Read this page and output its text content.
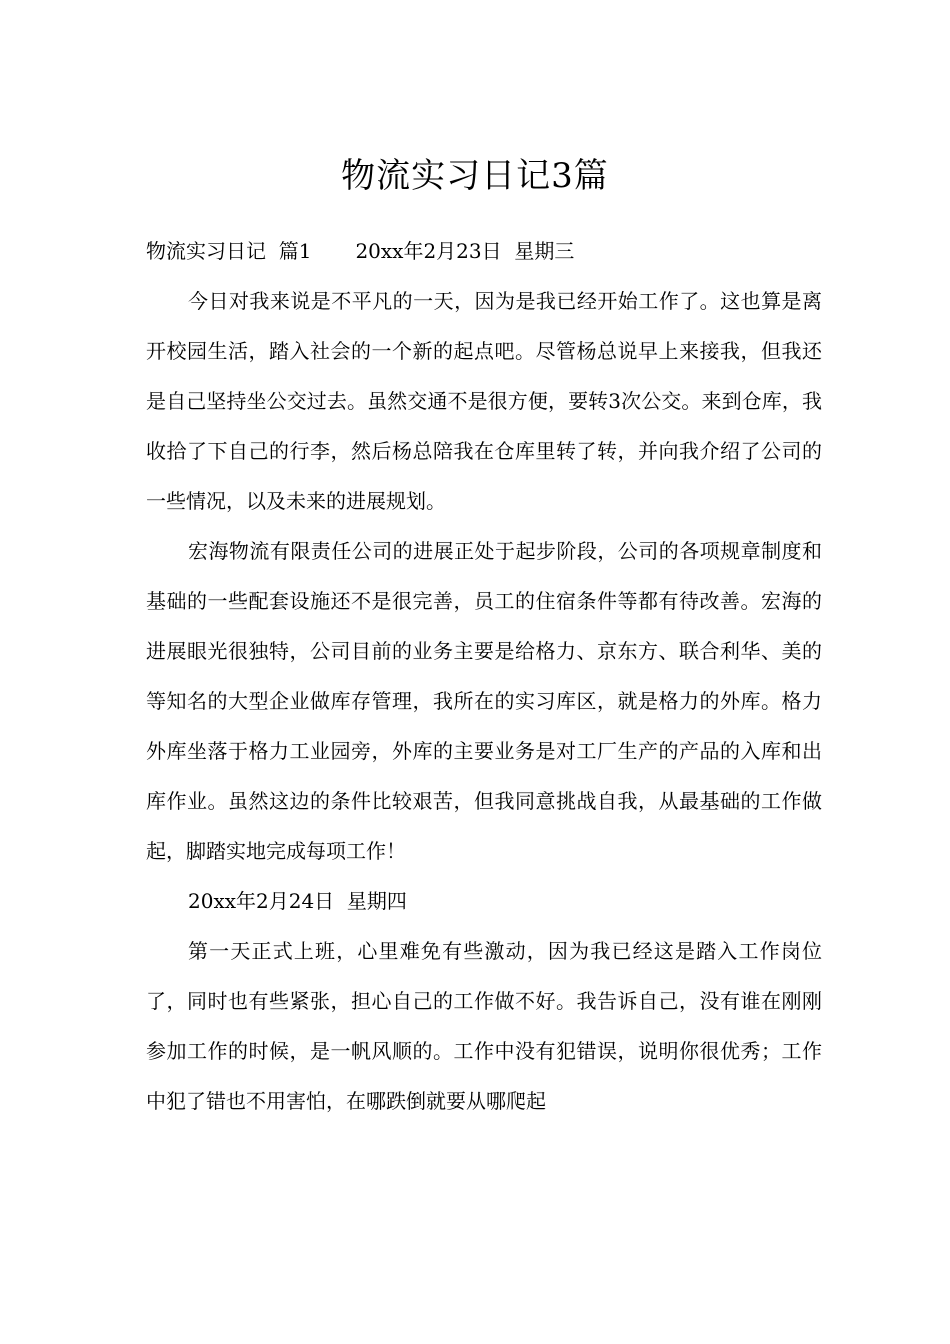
物流实习日记3篇

物流实习日记  篇1 20xx年2月23日  星期三

今日对我来说是不平凡的一天，因为是我已经开始工作了。这也算是离开校园生活，踏入社会的一个新的起点吧。尽管杨总说早上来接我，但我还是自己坚持坐公交过去。虽然交通不是很方便，要转3次公交。来到仓库，我收拾了下自己的行李，然后杨总陪我在仓库里转了转，并向我介绍了公司的一些情况，以及未来的进展规划。

宏海物流有限责任公司的进展正处于起步阶段，公司的各项规章制度和基础的一些配套设施还不是很完善，员工的住宿条件等都有待改善。宏海的进展眼光很独特，公司目前的业务主要是给格力、京东方、联合利华、美的等知名的大型企业做库存管理，我所在的实习库区，就是格力的外库。格力外库坐落于格力工业园旁，外库的主要业务是对工厂生产的产品的入库和出库作业。虽然这边的条件比较艰苦，但我同意挑战自我，从最基础的工作做起，脚踏实地完成每项工作！

20xx年2月24日  星期四

第一天正式上班，心里难免有些激动，因为我已经这是踏入工作岗位了，同时也有些紧张，担心自己的工作做不好。我告诉自己，没有谁在刚刚参加工作的时候，是一帆风顺的。工作中没有犯错误，说明你很优秀；工作中犯了错也不用害怕，在哪跌倒就要从哪爬起
